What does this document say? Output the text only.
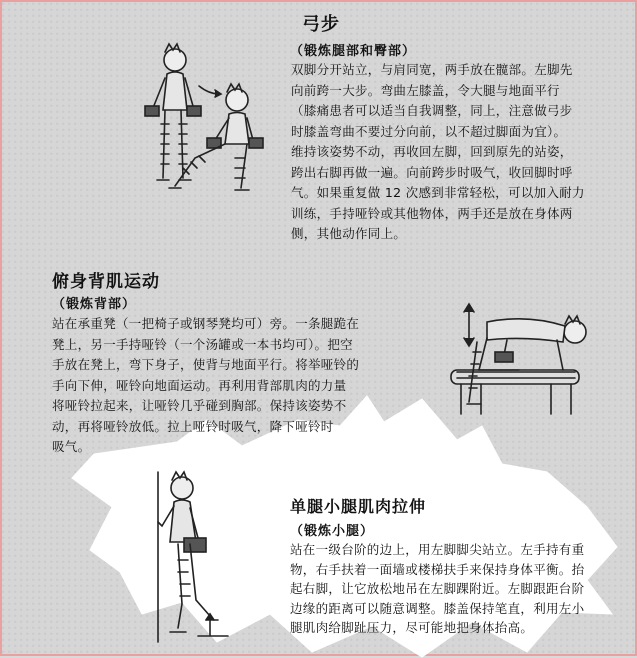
弓步
（锻炼腿部和臀部）
双脚分开站立，与肩同宽，两手放在髋部。左脚先
向前跨一大步。弯曲左膝盖，令大腿与地面平行
（膝痛患者可以适当自我调整，同上，注意做弓步
时膝盖弯曲不要过分向前，以不超过脚面为宜）。
维持该姿势不动，再收回左脚，回到原先的站姿，
跨出右脚再做一遍。向前跨步时吸气，收回脚时呼
气。如果重复做 12 次感到非常轻松，可以加入耐力
训练，手持哑铃或其他物体，两手还是放在身体两
侧，其他动作同上。
俯身背肌运动
（锻炼背部）
站在承重凳（一把椅子或钢琴凳均可）旁。一条腿跪在
凳上，另一手持哑铃（一个汤罐或一本书均可）。把空
手放在凳上，弯下身子，使背与地面平行。将举哑铃的
手向下伸，哑铃向地面运动。再利用背部肌肉的力量
将哑铃拉起来，让哑铃几乎碰到胸部。保持该姿势不
动，再将哑铃放低。拉上哑铃时吸气，降下哑铃时
吸气。
单腿小腿肌肉拉伸
（锻炼小腿）
站在一级台阶的边上，用左脚脚尖站立。左手持有重
物，右手扶着一面墙或楼梯扶手来保持身体平衡。抬
起右脚，让它放松地吊在左脚踝附近。左脚跟距台阶
边缘的距离可以随意调整。膝盖保持笔直，利用左小
腿肌肉给脚趾压力，尽可能地把身体抬高。
